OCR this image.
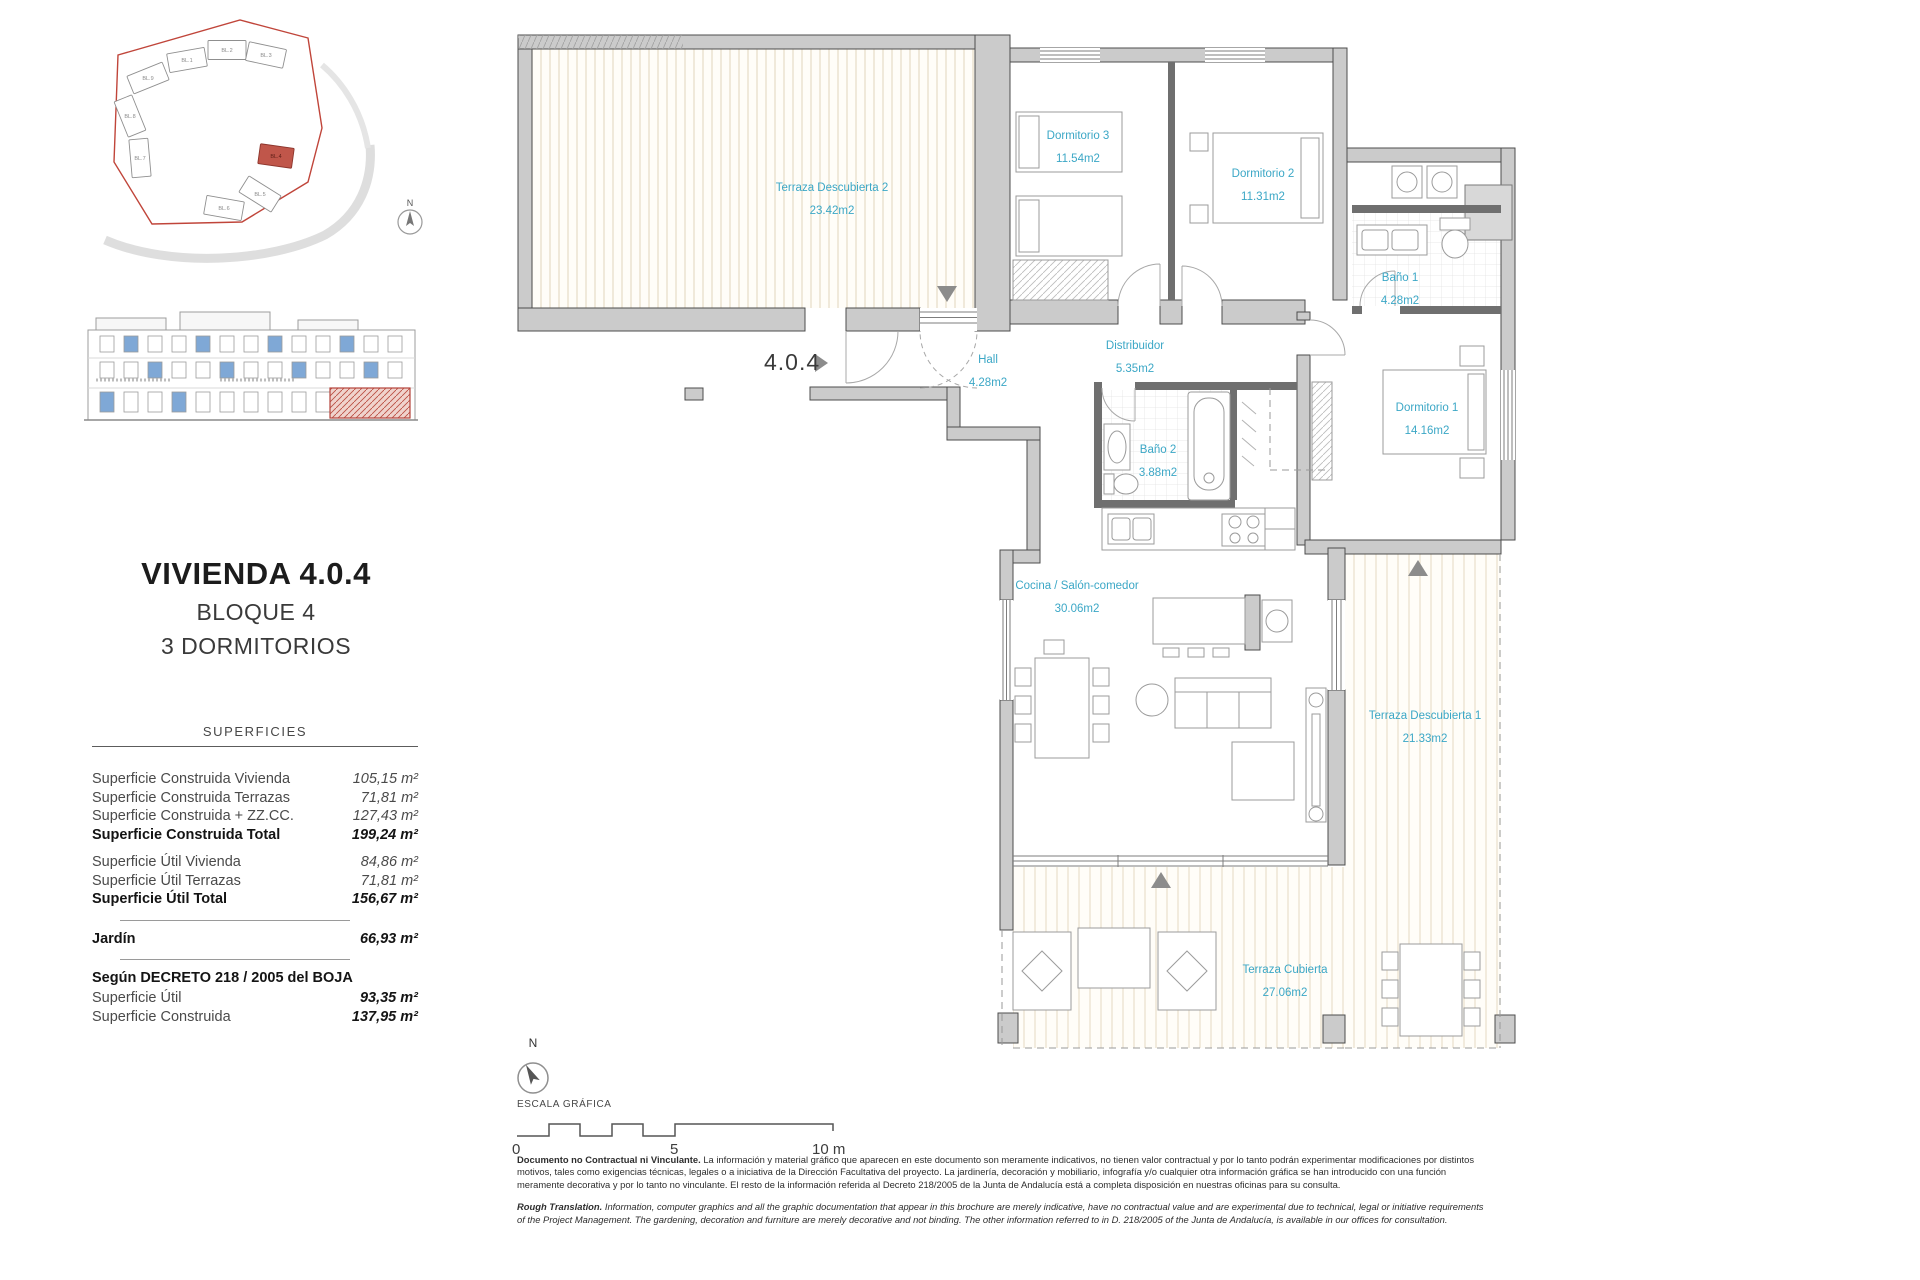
BL.9
BL.1
BL.2
BL.3
BL.8
BL.7	BL.4
BL.5
BL.6
N
VIVIENDA 4.0.4
BLOQUE 4
3 DORMITORIOS
SUPERFICIES
Superficie Construida Vivienda	105,15 m²
Superficie Construida Terrazas	71,81 m²
Superficie Construida + ZZ.CC.	127,43 m²
Superficie Construida Total	199,24 m²
Superficie Útil Vivienda	84,86 m²
Superficie Útil Terrazas	71,81 m²
Superficie Útil Total	156,67 m²
Jardín	66,93 m²
Según DECRETO 218 / 2005 del BOJA
Superficie Útil	93,35 m²
Superficie Construida	137,95 m²
Terraza Descubierta 2
23.42m2
Dormitorio 3
11.54m2
Dormitorio 2
11.31m2
Baño 1
4.28m2
Hall
4.28m2
Distribuidor
5.35m2
Dormitorio 1
14.16m2
Baño 2
3.88m2
Cocina / Salón-comedor
30.06m2
Terraza Descubierta 1
21.33m2
Terraza Cubierta
27.06m2
4.0.4
N
ESCALA GRÁFICA
0	5	10 m

Documento no Contractual ni Vinculante. La información y material gráfico que aparecen en este documento son meramente indicativos, no tienen valor contractual y por lo tanto podrán experimentar modificaciones por distintos motivos, tales como exigencias técnicas, legales o a iniciativa de la Dirección Facultativa del proyecto. La jardinería, decoración y mobiliario, infografía y/o cualquier otra información gráfica se han introducido con una función meramente decorativa y por lo tanto no vinculante. El resto de la información referida al Decreto 218/2005 de la Junta de Andalucía está a completa disposición en nuestras oficinas para su consulta.

Rough Translation. Information, computer graphics and all the graphic documentation that appear in this brochure are merely indicative, have no contractual value and are experimental due to technical, legal or initiative requirements of the Project Management. The gardening, decoration and furniture are merely decorative and not binding. The other information referred to in D. 218/2005 of the Junta de Andalucía, is available in our offices for consultation.
